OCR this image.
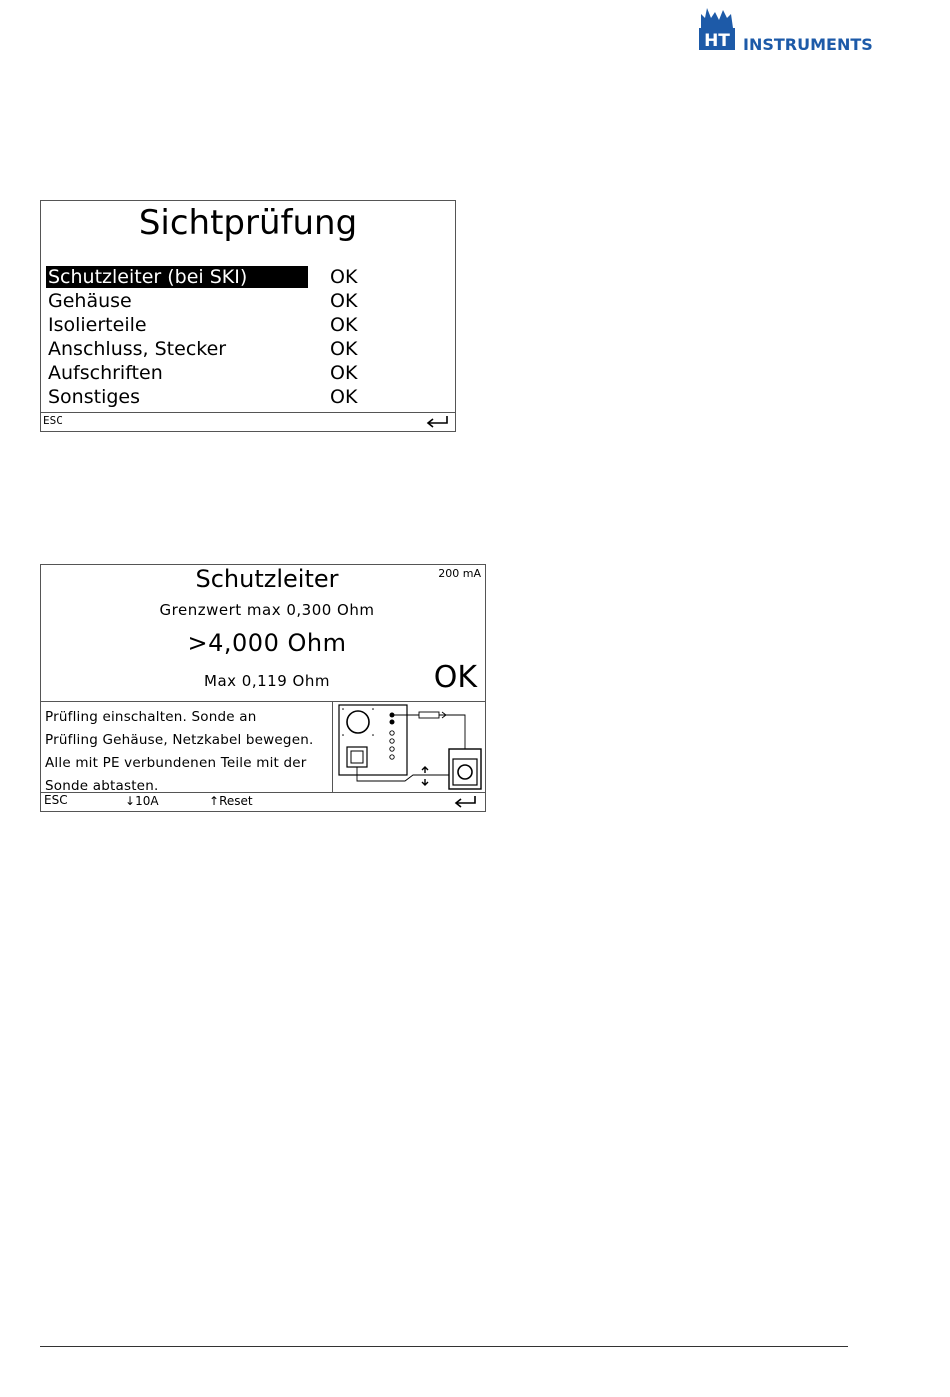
HT INSTRUMENTS
Sichtprüfung
Schutzleiter (bei SKI)	OK
Gehäuse	OK
Isolierteile	OK
Anschluss, Stecker	OK
Aufschriften	OK
Sonstiges	OK
ESC
Schutzleiter	200 mA
Grenzwert max 0,300 Ohm
>4,000 Ohm
Max 0,119 Ohm	OK
Prüfling einschalten. Sonde an
Prüfling Gehäuse, Netzkabel bewegen.
Alle mit PE verbundenen Teile mit der
Sonde abtasten.
ESC	↓10A	↑Reset
